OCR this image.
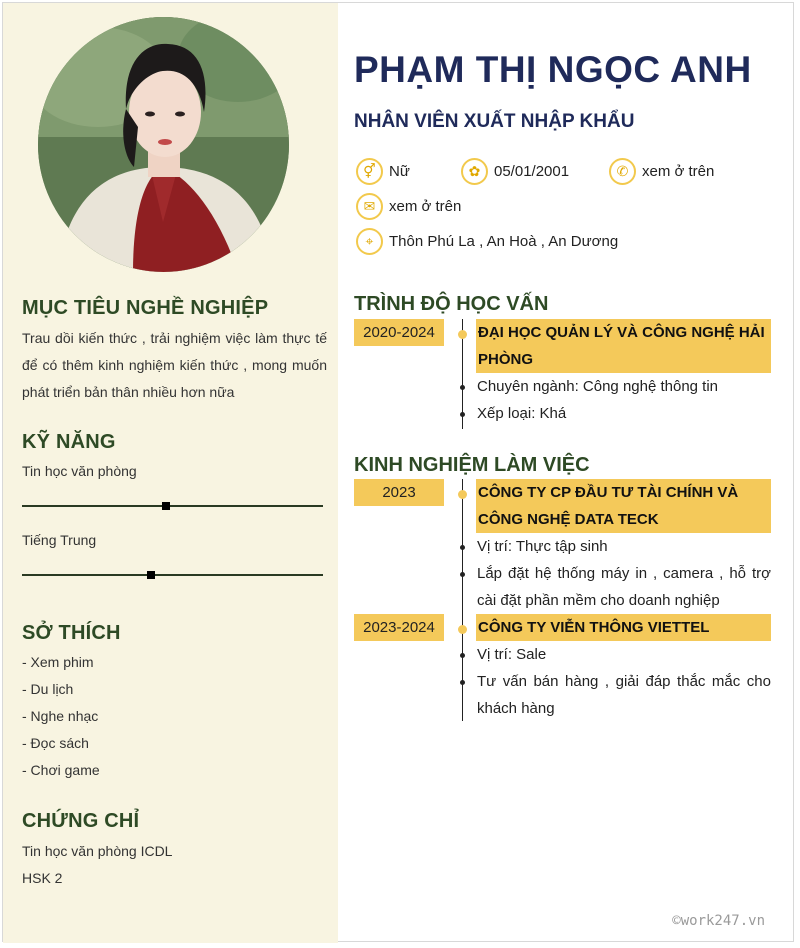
MỤC TIÊU NGHỀ NGHIỆP
Trau dồi kiến thức , trải nghiệm việc làm thực tế để có thêm kinh nghiệm kiến thức , mong muốn phát triển bản thân nhiều hơn nữa
KỸ NĂNG
Tin học văn phòng
Tiếng Trung
SỞ THÍCH
- Xem phim
- Du lịch
- Nghe nhạc
- Đọc sách
- Chơi game
CHỨNG CHỈ
Tin học văn phòng ICDL
HSK 2
PHẠM THỊ NGỌC ANH
NHÂN VIÊN XUẤT NHẬP KHẨU
⚥ Nữ	✿ 05/01/2001	✆ xem ở trên
✉ xem ở trên
⌖	Thôn Phú La , An Hoà , An Dương
TRÌNH ĐỘ HỌC VẤN
2020-2024	ĐẠI HỌC QUẢN LÝ VÀ CÔNG NGHỆ HẢI PHÒNG
Chuyên ngành: Công nghệ thông tin
Xếp loại: Khá
KINH NGHIỆM LÀM VIỆC
2023	CÔNG TY CP ĐẦU TƯ TÀI CHÍNH VÀ CÔNG NGHỆ DATA TECK
Vị trí: Thực tập sinh
Lắp đặt hệ thống máy in , camera , hỗ trợ cài đặt phần mềm cho doanh nghiệp
2023-2024	CÔNG TY VIỄN THÔNG VIETTEL
Vị trí: Sale
Tư vấn bán hàng , giải đáp thắc mắc cho khách hàng
©work247.vn
